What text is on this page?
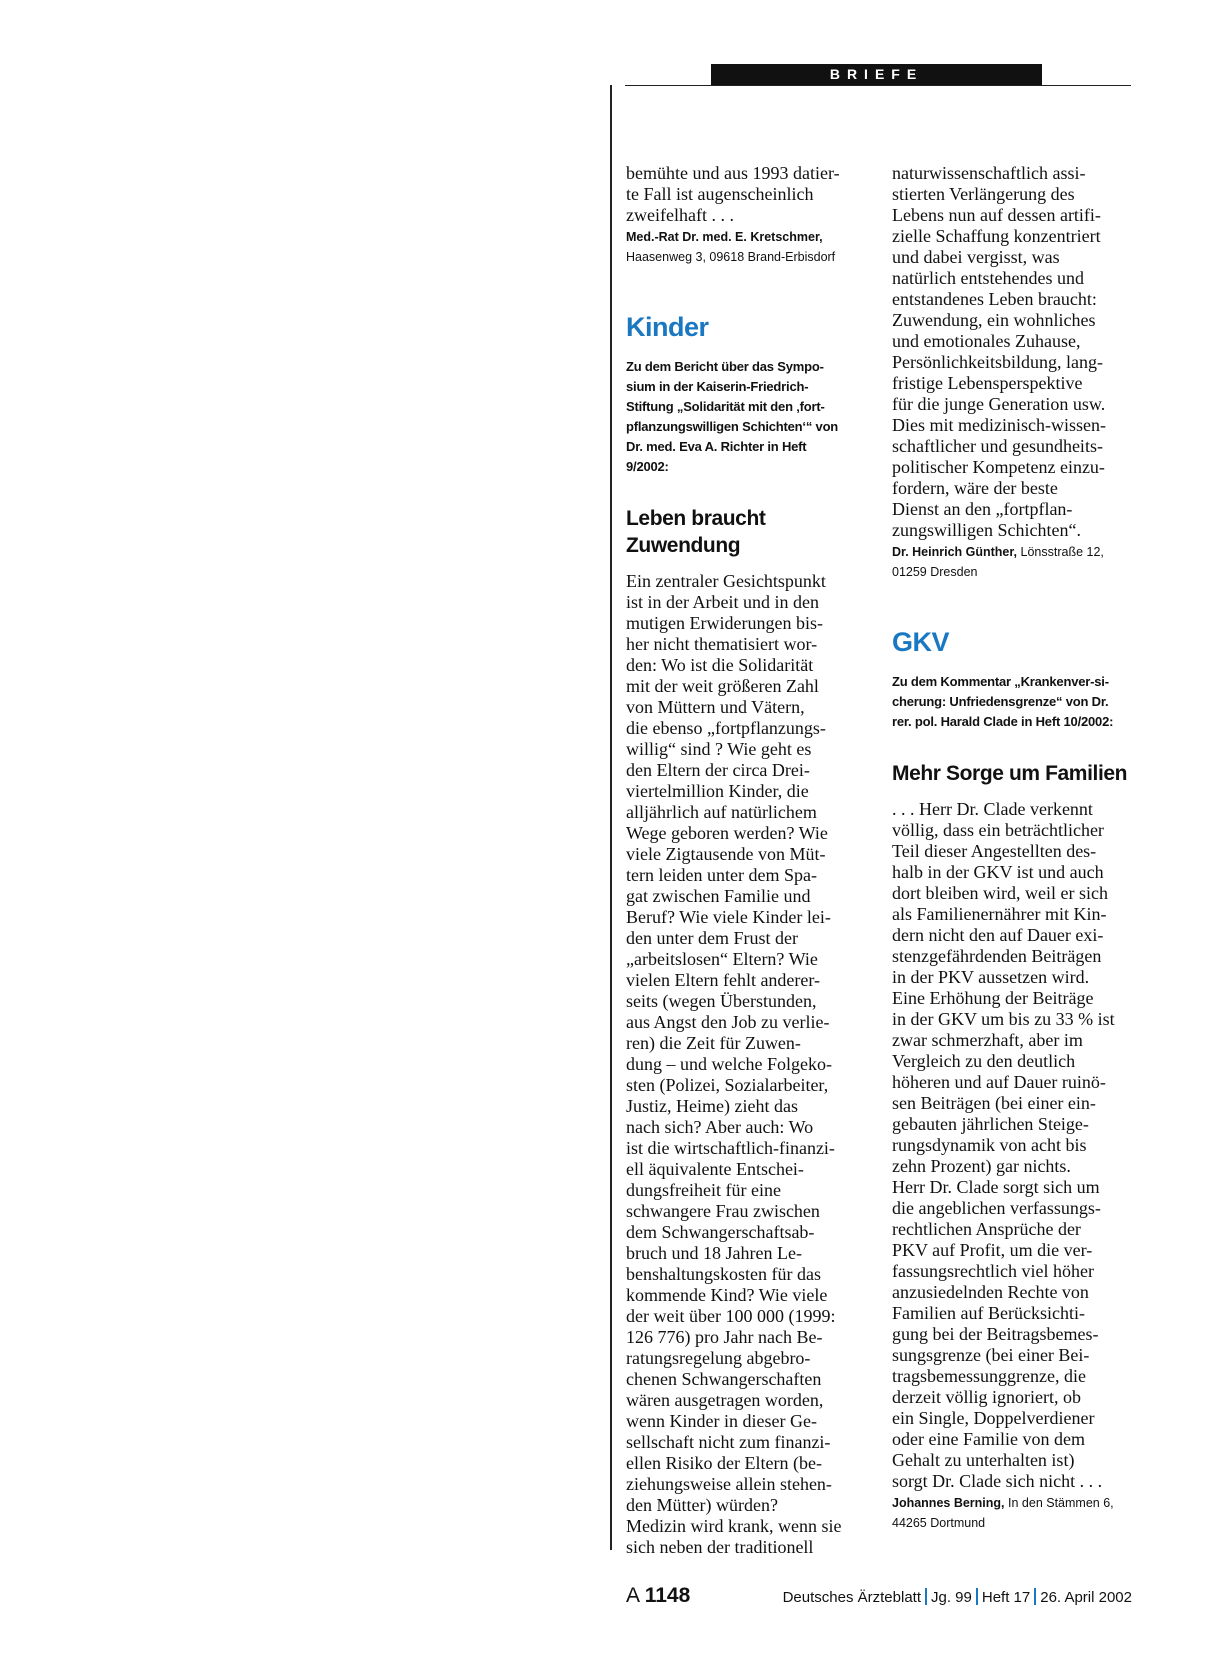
BRIEFE

bemühte und aus 1993 datier-
te Fall ist augenscheinlich
zweifelhaft . . .

Med.-Rat Dr. med. E. Kretschmer,
Haasenweg 3, 09618 Brand-Erbisdorf

Kinder

Zu dem Bericht über das Sympo-
sium in der Kaiserin-Friedrich-
Stiftung „Solidarität mit den ‚fort-
pflanzungswilligen Schichten‘“ von
Dr. med. Eva A. Richter in Heft
9/2002:

Leben braucht
Zuwendung

Ein zentraler Gesichtspunkt
ist in der Arbeit und in den
mutigen Erwiderungen bis-
her nicht thematisiert wor-
den: Wo ist die Solidarität
mit der weit größeren Zahl
von Müttern und Vätern,
die ebenso „fortpflanzungs-
willig“ sind ? Wie geht es
den Eltern der circa Drei-
viertelmillion Kinder, die
alljährlich auf natürlichem
Wege geboren werden? Wie
viele Zigtausende von Müt-
tern leiden unter dem Spa-
gat zwischen Familie und
Beruf? Wie viele Kinder lei-
den unter dem Frust der
„arbeitslosen“ Eltern? Wie
vielen Eltern fehlt anderer-
seits (wegen Überstunden,
aus Angst den Job zu verlie-
ren) die Zeit für Zuwen-
dung – und welche Folgeko-
sten (Polizei, Sozialarbeiter,
Justiz, Heime) zieht das
nach sich? Aber auch: Wo
ist die wirtschaftlich-finanzi-
ell äquivalente Entschei-
dungsfreiheit für eine
schwangere Frau zwischen
dem Schwangerschaftsab-
bruch und 18 Jahren Le-
benshaltungskosten für das
kommende Kind? Wie viele
der weit über 100 000 (1999:
126 776) pro Jahr nach Be-
ratungsregelung abgebro-
chenen Schwangerschaften
wären ausgetragen worden,
wenn Kinder in dieser Ge-
sellschaft nicht zum finanzi-
ellen Risiko der Eltern (be-
ziehungsweise allein stehen-
den Mütter) würden?
Medizin wird krank, wenn sie
sich neben der traditionell

naturwissenschaftlich assi-
stierten Verlängerung des
Lebens nun auf dessen artifi-
zielle Schaffung konzentriert
und dabei vergisst, was
natürlich entstehendes und
entstandenes Leben braucht:
Zuwendung, ein wohnliches
und emotionales Zuhause,
Persönlichkeitsbildung, lang-
fristige Lebensperspektive
für die junge Generation usw.
Dies mit medizinisch-wissen-
schaftlicher und gesundheits-
politischer Kompetenz einzu-
fordern, wäre der beste
Dienst an den „fortpflan-
zungswilligen Schichten“.

Dr. Heinrich Günther, Lönsstraße 12,
01259 Dresden

GKV

Zu dem Kommentar „Krankenver-si-
cherung: Unfriedensgrenze“ von Dr.
rer. pol. Harald Clade in Heft 10/2002:

Mehr Sorge um Familien

. . . Herr Dr. Clade verkennt
völlig, dass ein beträchtlicher
Teil dieser Angestellten des-
halb in der GKV ist und auch
dort bleiben wird, weil er sich
als Familienernährer mit Kin-
dern nicht den auf Dauer exi-
stenzgefährdenden Beiträgen
in der PKV aussetzen wird.
Eine Erhöhung der Beiträge
in der GKV um bis zu 33 % ist
zwar schmerzhaft, aber im
Vergleich zu den deutlich
höheren und auf Dauer ruinö-
sen Beiträgen (bei einer ein-
gebauten jährlichen Steige-
rungsdynamik von acht bis
zehn Prozent) gar nichts.
Herr Dr. Clade sorgt sich um
die angeblichen verfassungs-
rechtlichen Ansprüche der
PKV auf Profit, um die ver-
fassungsrechtlich viel höher
anzusiedelnden Rechte von
Familien auf Berücksichti-
gung bei der Beitragsbemes-
sungsgrenze (bei einer Bei-
tragsbemessunggrenze, die
derzeit völlig ignoriert, ob
ein Single, Doppelverdiener
oder eine Familie von dem
Gehalt zu unterhalten ist)
sorgt Dr. Clade sich nicht . . .

Johannes Berning, In den Stämmen 6,
44265 Dortmund

A 1148	Deutsches Ärzteblatt Jg. 99 Heft 17 26. April 2002
